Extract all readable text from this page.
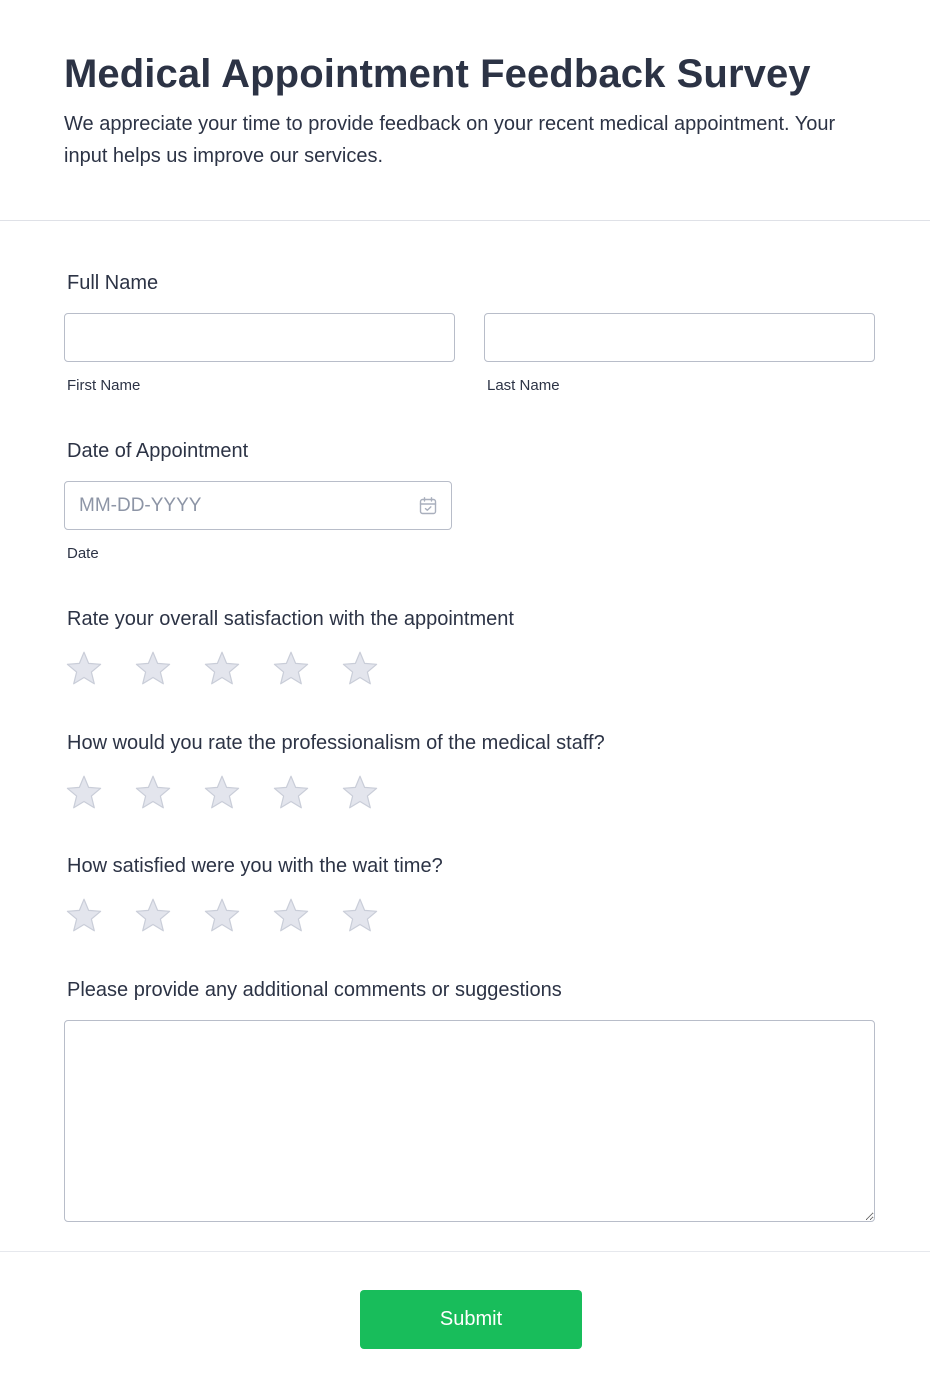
Medical Appointment Feedback Survey

We appreciate your time to provide feedback on your recent medical appointment. Your input helps us improve our services.

Full Name
First Name	Last Name
Date of Appointment
MM-DD-YYYY
Date
Rate your overall satisfaction with the appointment
How would you rate the professionalism of the medical staff?
How satisfied were you with the wait time?
Please provide any additional comments or suggestions
Submit
